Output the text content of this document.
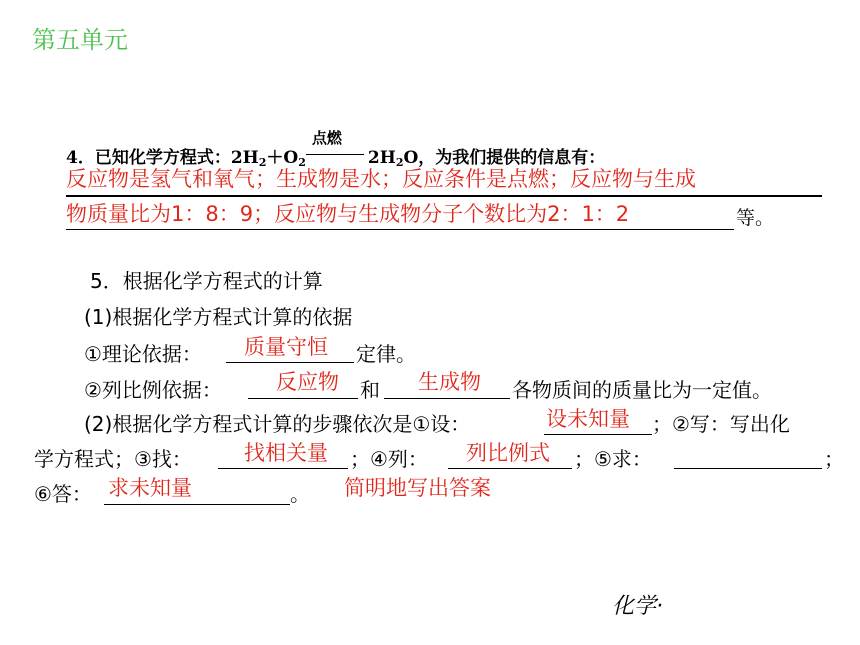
第五单元
4．已知化学方程式：$2H_2+O_2$
点燃
$2H_2O$，为我们提供的信息有：
反应物是氢气和氧气；生成物是水；反应条件是点燃；反应物与生成
物质量比为1：8：9；反应物与生成物分子个数比为2：1：2	等。
5．根据化学方程式的计算
(1)根据化学方程式计算的依据
①理论依据： 质量守恒 定律。
②列比例依据：	反应物 和 生成物 各物质间的质量比为一定值。
(2)根据化学方程式计算的步骤依次是①设：	设未知量 ；②写：写出化
学方程式；③找： 找相关量 ；④列： 列比例式 ；⑤求：	；
⑥答： 求未知量	。 简明地写出答案
化学·
